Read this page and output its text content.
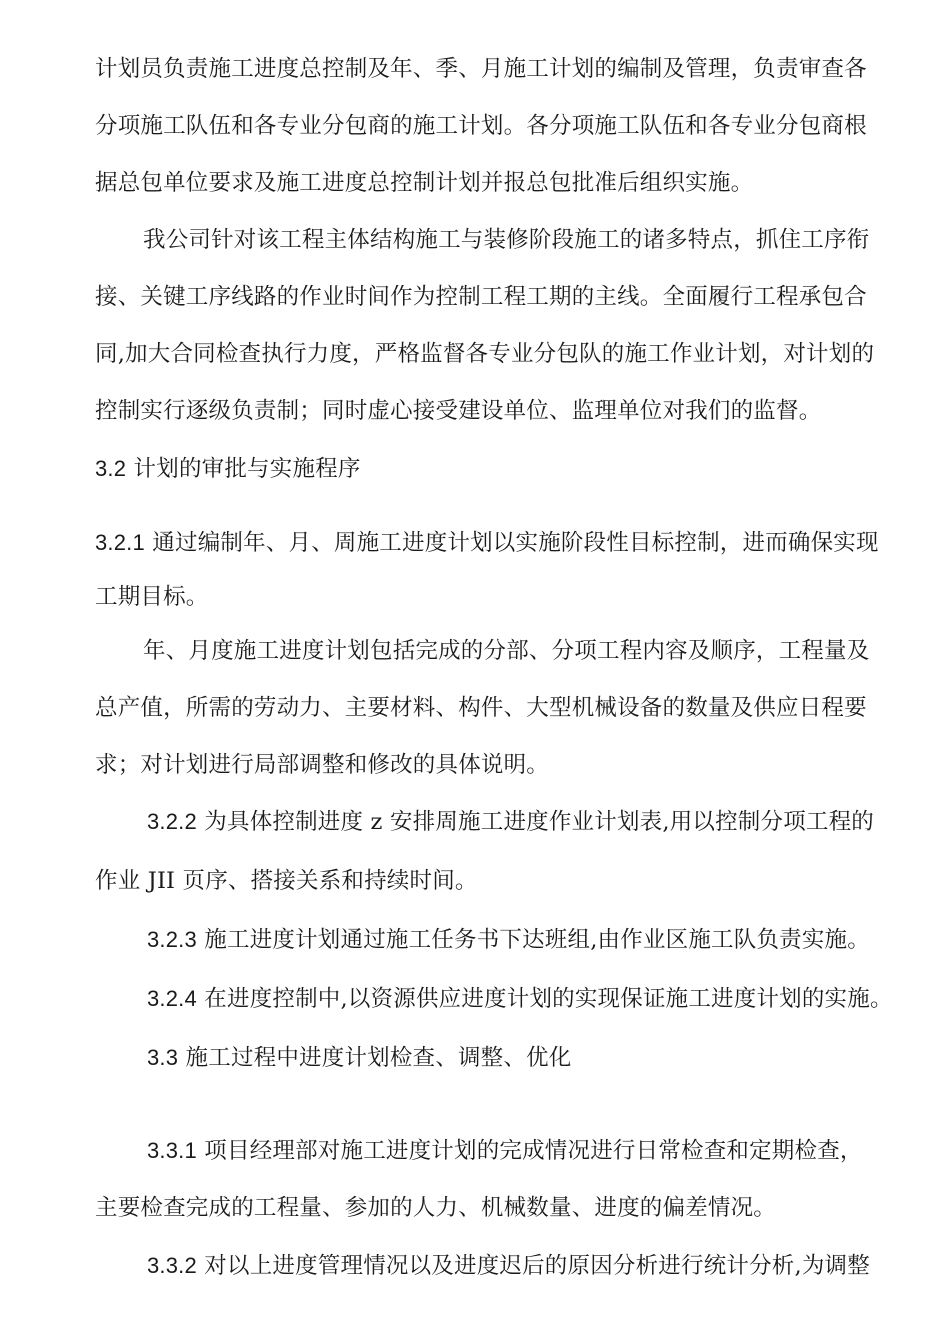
计划员负责施工进度总控制及年、季、月施工计划的编制及管理，负责审查各
分项施工队伍和各专业分包商的施工计划。各分项施工队伍和各专业分包商根
据总包单位要求及施工进度总控制计划并报总包批准后组织实施。
我公司针对该工程主体结构施工与装修阶段施工的诸多特点，抓住工序衔
接、关键工序线路的作业时间作为控制工程工期的主线。全面履行工程承包合
同,加大合同检查执行力度，严格监督各专业分包队的施工作业计划，对计划的
控制实行逐级负责制；同时虚心接受建设单位、监理单位对我们的监督。
3.2 计划的审批与实施程序
3.2.1 通过编制年、月、周施工进度计划以实施阶段性目标控制，进而确保实现
工期目标。
年、月度施工进度计划包括完成的分部、分项工程内容及顺序，工程量及
总产值，所需的劳动力、主要材料、构件、大型机械设备的数量及供应日程要
求；对计划进行局部调整和修改的具体说明。
3.2.2 为具体控制进度 z 安排周施工进度作业计划表,用以控制分项工程的
作业 JII 页序、搭接关系和持续时间。
3.2.3 施工进度计划通过施工任务书下达班组,由作业区施工队负责实施。
3.2.4 在进度控制中,以资源供应进度计划的实现保证施工进度计划的实施。
3.3 施工过程中进度计划检查、调整、优化
3.3.1 项目经理部对施工进度计划的完成情况进行日常检查和定期检查，
主要检查完成的工程量、参加的人力、机械数量、进度的偏差情况。
3.3.2 对以上进度管理情况以及进度迟后的原因分析进行统计分析,为调整
